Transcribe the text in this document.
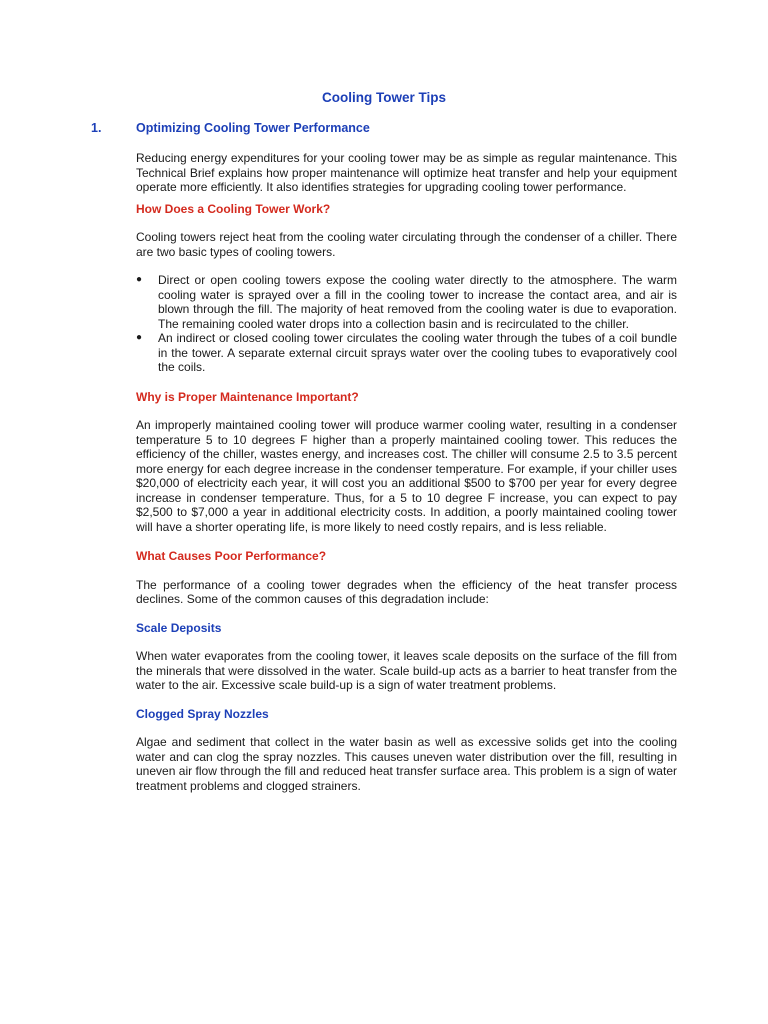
Cooling Tower Tips
1.	Optimizing Cooling Tower Performance

Reducing energy expenditures for your cooling tower may be as simple as regular maintenance. This Technical Brief explains how proper maintenance will optimize heat transfer and help your equipment operate more efficiently. It also identifies strategies for upgrading cooling tower performance.

How Does a Cooling Tower Work?

Cooling towers reject heat from the cooling water circulating through the condenser of a chiller. There are two basic types of cooling towers.

● Direct or open cooling towers expose the cooling water directly to the atmosphere. The warm cooling water is sprayed over a fill in the cooling tower to increase the contact area, and air is blown through the fill. The majority of heat removed from the cooling water is due to evaporation. The remaining cooled water drops into a collection basin and is recirculated to the chiller.
● An indirect or closed cooling tower circulates the cooling water through the tubes of a coil bundle in the tower. A separate external circuit sprays water over the cooling tubes to evaporatively cool the coils.
Why is Proper Maintenance Important?

An improperly maintained cooling tower will produce warmer cooling water, resulting in a condenser temperature 5 to 10 degrees F higher than a properly maintained cooling tower. This reduces the efficiency of the chiller, wastes energy, and increases cost. The chiller will consume 2.5 to 3.5 percent more energy for each degree increase in the condenser temperature. For example, if your chiller uses $20,000 of electricity each year, it will cost you an additional $500 to $700 per year for every degree increase in condenser temperature. Thus, for a 5 to 10 degree F increase, you can expect to pay $2,500 to $7,000 a year in additional electricity costs. In addition, a poorly maintained cooling tower will have a shorter operating life, is more likely to need costly repairs, and is less reliable.

What Causes Poor Performance?

The performance of a cooling tower degrades when the efficiency of the heat transfer process declines. Some of the common causes of this degradation include:

Scale Deposits

When water evaporates from the cooling tower, it leaves scale deposits on the surface of the fill from the minerals that were dissolved in the water. Scale build-up acts as a barrier to heat transfer from the water to the air. Excessive scale build-up is a sign of water treatment problems.

Clogged Spray Nozzles

Algae and sediment that collect in the water basin as well as excessive solids get into the cooling water and can clog the spray nozzles. This causes uneven water distribution over the fill, resulting in uneven air flow through the fill and reduced heat transfer surface area. This problem is a sign of water treatment problems and clogged strainers.
